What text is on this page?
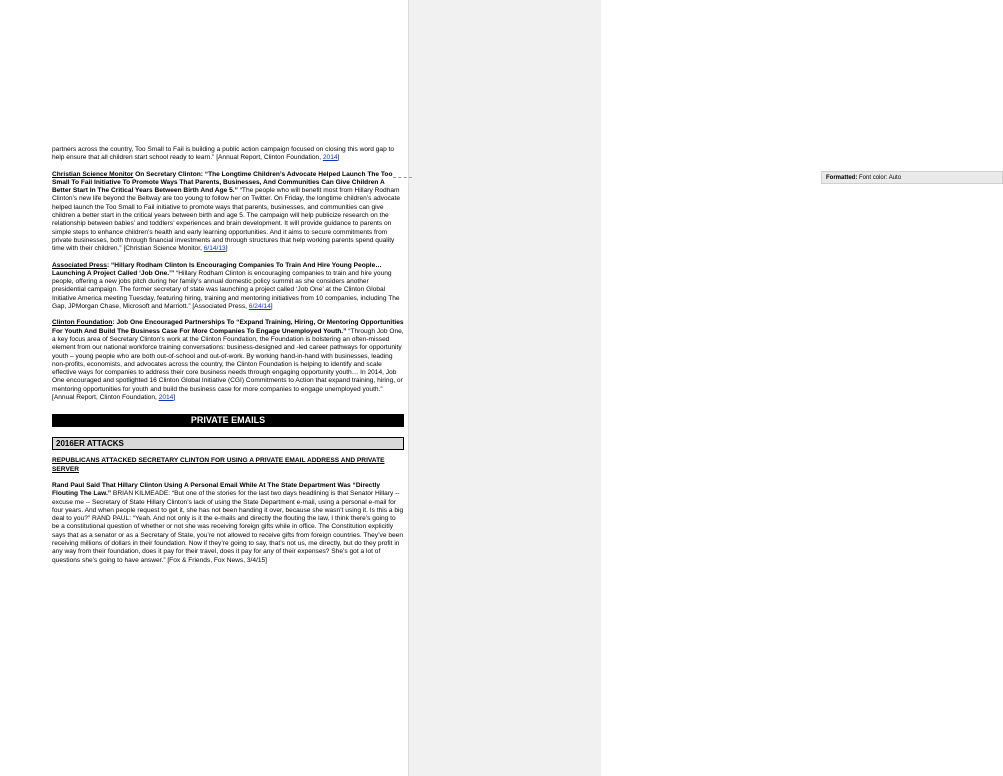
Formatted: Font color: Auto

partners across the country, Too Small to Fail is building a public action campaign focused on closing this word gap to help ensure that all children start school ready to learn.” [Annual Report, Clinton Foundation, 2014]

Christian Science Monitor On Secretary Clinton: “The Longtime Children’s Advocate Helped Launch The Too Small To Fail Initiative To Promote Ways That Parents, Businesses, And Communities Can Give Children A Better Start In The Critical Years Between Birth And Age 5.” “The people who will benefit most from Hillary Rodham Clinton’s new life beyond the Beltway are too young to follow her on Twitter. On Friday, the longtime children’s advocate helped launch the Too Small to Fail initiative to promote ways that parents, businesses, and communities can give children a better start in the critical years between birth and age 5. The campaign will help publicize research on the relationship between babies’ and toddlers’ experiences and brain development. It will provide guidance to parents on simple steps to enhance children’s health and early learning opportunities. And it aims to secure commitments from private businesses, both through financial investments and through structures that help working parents spend quality time with their children.” [Christian Science Monitor, 6/14/13]

Associated Press: “Hillary Rodham Clinton Is Encouraging Companies To Train And Hire Young People…Launching A Project Called ‘Job One.’” “Hillary Rodham Clinton is encouraging companies to train and hire young people, offering a new jobs pitch during her family’s annual domestic policy summit as she considers another presidential campaign. The former secretary of state was launching a project called ‘Job One’ at the Clinton Global Initiative America meeting Tuesday, featuring hiring, training and mentoring initiatives from 10 companies, including The Gap, JPMorgan Chase, Microsoft and Marriott.” [Associated Press, 6/24/14]

Clinton Foundation: Job One Encouraged Partnerships To “Expand Training, Hiring, Or Mentoring Opportunities For Youth And Build The Business Case For More Companies To Engage Unemployed Youth.” “Through Job One, a key focus area of Secretary Clinton’s work at the Clinton Foundation, the Foundation is bolstering an often-missed element from our national workforce training conversations: business-designed and -led career pathways for opportunity youth – young people who are both out-of-school and out-of-work. By working hand-in-hand with businesses, leading non-profits, economists, and advocates across the country, the Clinton Foundation is helping to identify and scale effective ways for companies to address their core business needs through engaging opportunity youth… In 2014, Job One encouraged and spotlighted 16 Clinton Global Initiative (CGI) Commitments to Action that expand training, hiring, or mentoring opportunities for youth and build the business case for more companies to engage unemployed youth.” [Annual Report, Clinton Foundation, 2014]

PRIVATE EMAILS
2016ER ATTACKS
REPUBLICANS ATTACKED SECRETARY CLINTON FOR USING A PRIVATE EMAIL ADDRESS AND PRIVATE SERVER

Rand Paul Said That Hillary Clinton Using A Personal Email While At The State Department Was “Directly Flouting The Law.” BRIAN KILMEADE: “But one of the stories for the last two days headlining is that Senator Hillary -- excuse me -- Secretary of State Hillary Clinton’s lack of using the State Department e-mail, using a personal e-mail for four years. And when people request to get it, she has not been handing it over, because she wasn’t using it. Is this a big deal to you?” RAND PAUL: “Yeah. And not only is it the e-mails and directly the flouting the law, I think there’s going to be a constitutional question of whether or not she was receiving foreign gifts while in office. The Constitution explicitly says that as a senator or as a Secretary of State, you’re not allowed to receive gifts from foreign countries. They’ve been receiving millions of dollars in their foundation. Now if they’re going to say, that’s not us, me directly, but do they profit in any way from their foundation, does it pay for their travel, does it pay for any of their expenses? She’s got a lot of questions she’s going to have answer.” [Fox & Friends, Fox News, 3/4/15]
